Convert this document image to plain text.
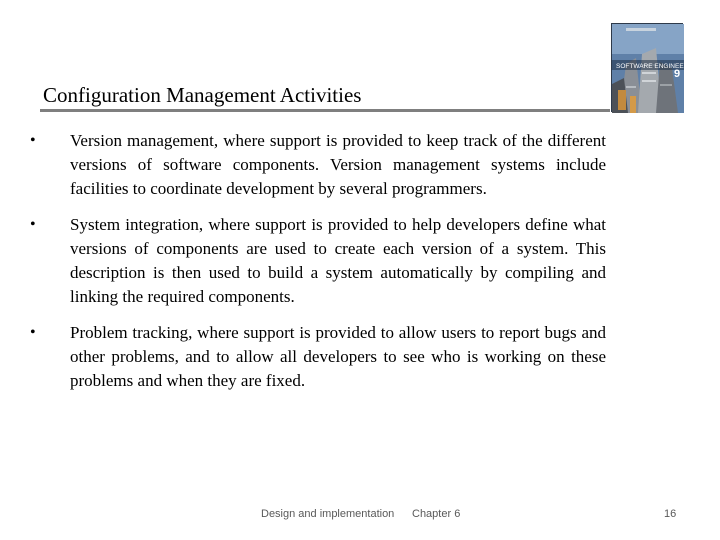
Configuration Management Activities
SOFTWARE ENGINEERING
9
• Version management, where support is provided to keep track of the different versions of software components. Version management systems include facilities to coordinate development by several programmers.
• System integration, where support is provided to help developers define what versions of components are used to create each version of a system. This description is then used to build a system automatically by compiling and linking the required components.
• Problem tracking, where support is provided to allow users to report bugs and other problems, and to allow all developers to see who is working on these problems and when they are fixed.
Design and implementation Chapter 6	16
